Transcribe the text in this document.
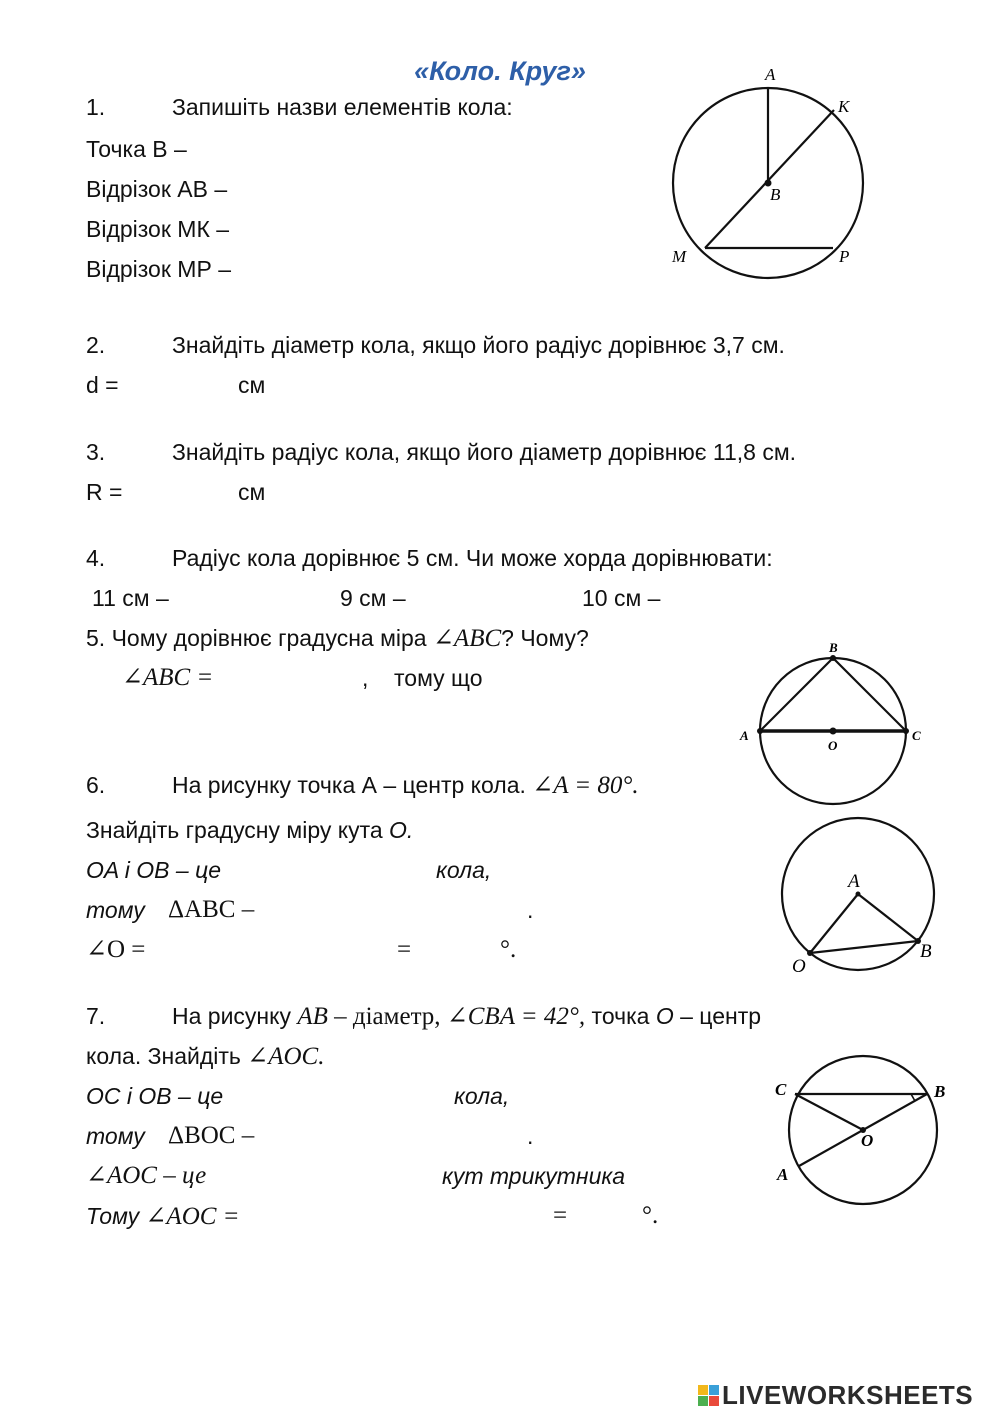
«Коло. Круг»
1.	Запишіть назви елементів кола:
Точка В –
Відрізок АВ –
Відрізок МК –
Відрізок МР –
A
K
B
M	P
2.	Знайдіть діаметр кола, якщо його радіус дорівнює 3,7 см.
d =	см
3.	Знайдіть радіус кола, якщо його діаметр дорівнює 11,8 см.
R =	см
4.	Радіус кола дорівнює 5 см. Чи може хорда дорівнювати:
11 см –	9 см –	10 см –
5. Чому дорівнює градусна міра ∠ABC? Чому?
∠ABC =	, тому що
B
A
O
C
6.	На рисунку точка А – центр кола. ∠A = 80°.
Знайдіть градусну міру кута O.
OA і OB – це	кола,
тому ΔABC –	.
∠O =	=	°.
A
B
O
7.	На рисунку AB – діаметр, ∠CBA = 42°, точка O – центр
кола. Знайдіть ∠AOC.
OC і OB – це	кола,
тому ΔBOC –	.
∠AOC – це	кут трикутника
Тому ∠AOC =	=	°.
C	B
O
A
LIVEWORKSHEETS
